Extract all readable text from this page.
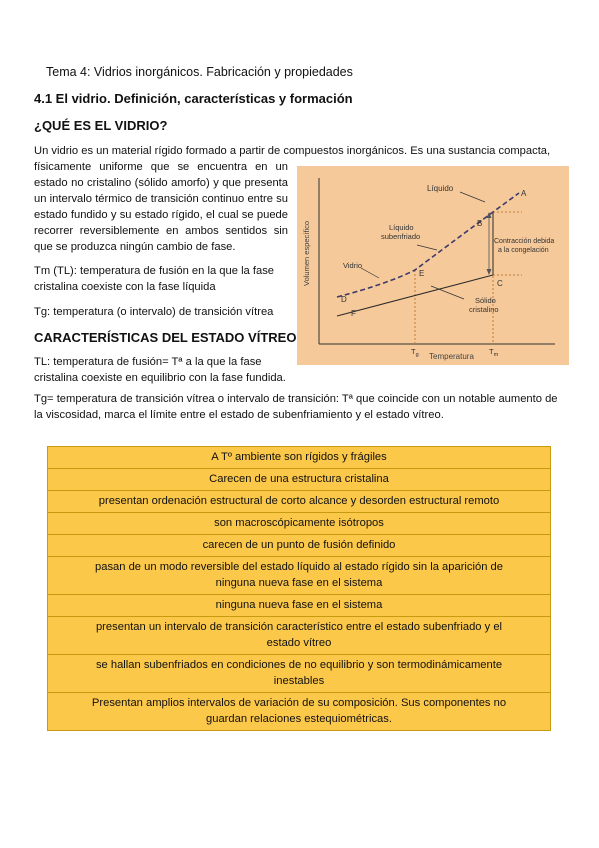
Tema 4: Vidrios inorgánicos. Fabricación y propiedades
4.1 El vidrio. Definición, características y formación
¿QUÉ ES EL VIDRIO?
Un vidrio es un material rígido formado a partir de compuestos inorgánicos. Es una sustancia compacta,
físicamente uniforme que se encuentra en un
estado no cristalino (sólido amorfo) y que presenta
un intervalo térmico de transición continuo entre su
estado fundido y su estado rígido, el cual se puede
recorrer reversiblemente en ambos sentidos sin
que se produzca ningún cambio de fase.
Tm (TL): temperatura de fusión en la que la fase
cristalina coexiste con la fase líquida
Tg: temperatura (o intervalo) de transición vítrea
CARACTERÍSTICAS DEL ESTADO VÍTREO
TL: temperatura de fusión= Tª a la que la fase
cristalina coexiste en equilibrio con la fase fundida.
Tg= temperatura de transición vítrea o intervalo de transición: Tª que coincide con un notable aumento de
la viscosidad, marca el límite entre el estado de subenfriamiento y el estado vítreo.
Volumen específico
Temperatura
Líquido
Líquido
subenfriado
Vidrio
Sólido
cristalino
Contracción debida
a la congelación
A
B
C
D
E
F
$T_g$	$T_m$
A Tº ambiente son rígidos y frágiles
Carecen de una estructura cristalina
presentan ordenación estructural de corto alcance y desorden estructural remoto
son macroscópicamente isótropos
carecen de un punto de fusión definido
pasan de un modo reversible del estado líquido al estado rígido sin la aparición de
ninguna nueva fase en el sistema
ninguna nueva fase en el sistema
presentan un intervalo de transición característico entre el estado subenfriado y el
estado vítreo
se hallan subenfriados en condiciones de no equilibrio y son termodinámicamente
inestables
Presentan amplios intervalos de variación de su composición. Sus componentes no
guardan relaciones estequiométricas.
